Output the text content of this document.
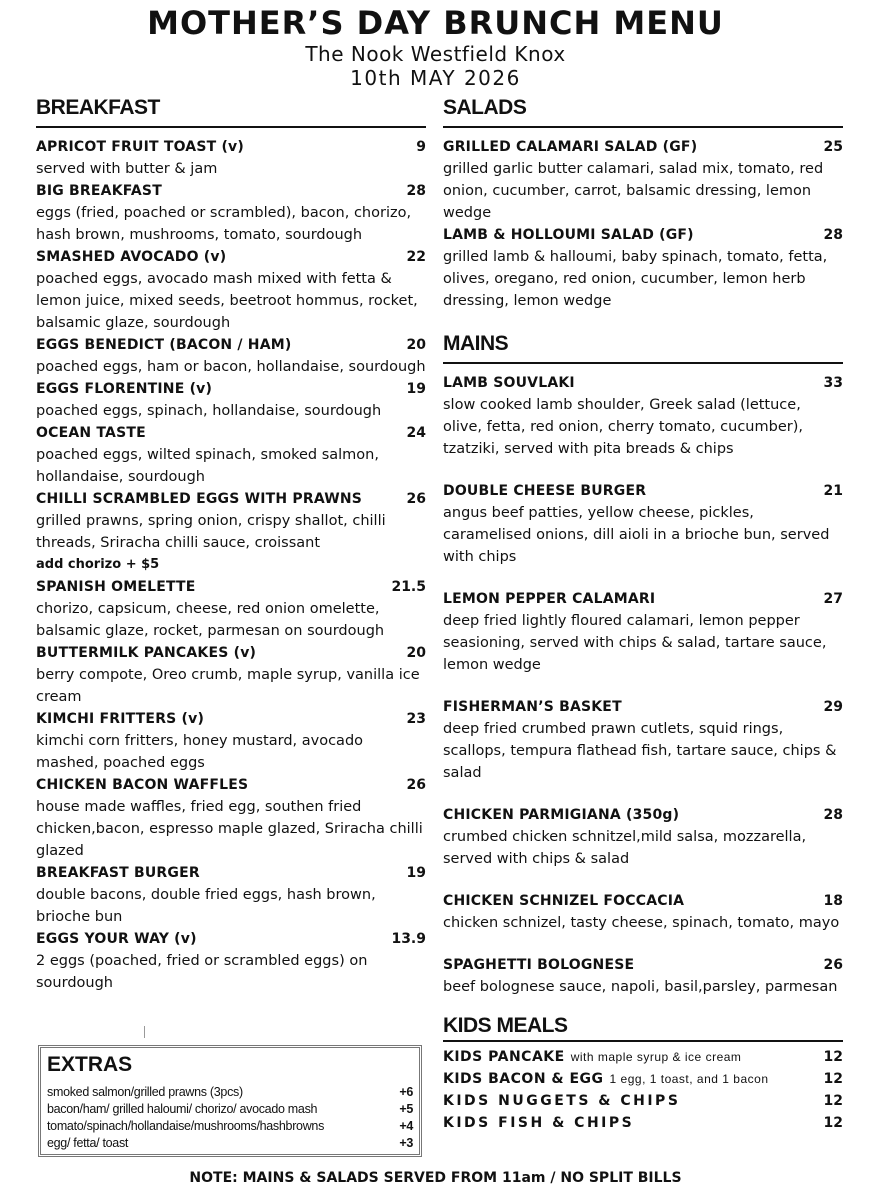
MOTHER’S DAY BRUNCH MENU
The Nook Westfield Knox
10th MAY 2026
BREAKFAST
APRICOT FRUIT TOAST (v)	9
served with butter & jam
BIG BREAKFAST	28
eggs (fried, poached or scrambled), bacon, chorizo, hash brown, mushrooms, tomato, sourdough
SMASHED AVOCADO (v)	22
poached eggs, avocado mash mixed with fetta & lemon juice, mixed seeds, beetroot hommus, rocket, balsamic glaze, sourdough
EGGS BENEDICT (BACON / HAM)	20
poached eggs, ham or bacon, hollandaise, sourdough
EGGS FLORENTINE (v)	19
poached eggs, spinach, hollandaise, sourdough
OCEAN TASTE	24
poached eggs, wilted spinach, smoked salmon, hollandaise, sourdough
CHILLI SCRAMBLED EGGS WITH PRAWNS	26
grilled prawns, spring onion, crispy shallot, chilli threads, Sriracha chilli sauce, croissant
add chorizo + $5
SPANISH OMELETTE	21.5
chorizo, capsicum, cheese, red onion omelette, balsamic glaze, rocket, parmesan on sourdough
BUTTERMILK PANCAKES (v)	20
berry compote, Oreo crumb, maple syrup, vanilla ice cream
KIMCHI FRITTERS (v)	23
kimchi corn fritters, honey mustard, avocado mashed, poached eggs
CHICKEN BACON WAFFLES	26
house made waffles, fried egg, southen fried chicken,bacon, espresso maple glazed, Sriracha chilli glazed
BREAKFAST BURGER	19
double bacons, double fried eggs, hash brown, brioche bun
EGGS YOUR WAY (v)	13.9
2 eggs (poached, fried or scrambled eggs) on sourdough
EXTRAS
smoked salmon/grilled prawns (3pcs)	+6
bacon/ham/ grilled haloumi/ chorizo/ avocado mash	+5
tomato/spinach/hollandaise/mushrooms/hashbrowns	+4
egg/ fetta/ toast	+3
SALADS
GRILLED CALAMARI SALAD (GF)	25
grilled garlic butter calamari, salad mix, tomato, red onion, cucumber, carrot, balsamic dressing, lemon wedge
LAMB & HOLLOUMI SALAD (GF)	28
grilled lamb & halloumi, baby spinach, tomato, fetta, olives, oregano, red onion, cucumber, lemon herb dressing, lemon wedge
MAINS
LAMB SOUVLAKI	33
slow cooked lamb shoulder, Greek salad (lettuce, olive, fetta, red onion, cherry tomato, cucumber), tzatziki, served with pita breads & chips
DOUBLE CHEESE BURGER	21
angus beef patties, yellow cheese, pickles, caramelised onions, dill aioli in a brioche bun, served with chips
LEMON PEPPER CALAMARI	27
deep fried lightly floured calamari, lemon pepper seasioning, served with chips & salad, tartare sauce, lemon wedge
FISHERMAN’S BASKET	29
deep fried crumbed prawn cutlets, squid rings, scallops, tempura flathead fish, tartare sauce, chips & salad
CHICKEN PARMIGIANA (350g)	28
crumbed chicken schnitzel,mild salsa, mozzarella, served with chips & salad
CHICKEN SCHNIZEL FOCCACIA	18
chicken schnizel, tasty cheese, spinach, tomato, mayo
SPAGHETTI BOLOGNESE	26
beef bolognese sauce, napoli, basil,parsley, parmesan
KIDS MEALS
KIDS PANCAKE with maple syrup & ice cream	12
KIDS BACON & EGG 1 egg, 1 toast, and 1 bacon	12
KIDS NUGGETS & CHIPS	12
KIDS FISH & CHIPS	12
NOTE: MAINS & SALADS SERVED FROM 11am / NO SPLIT BILLS
